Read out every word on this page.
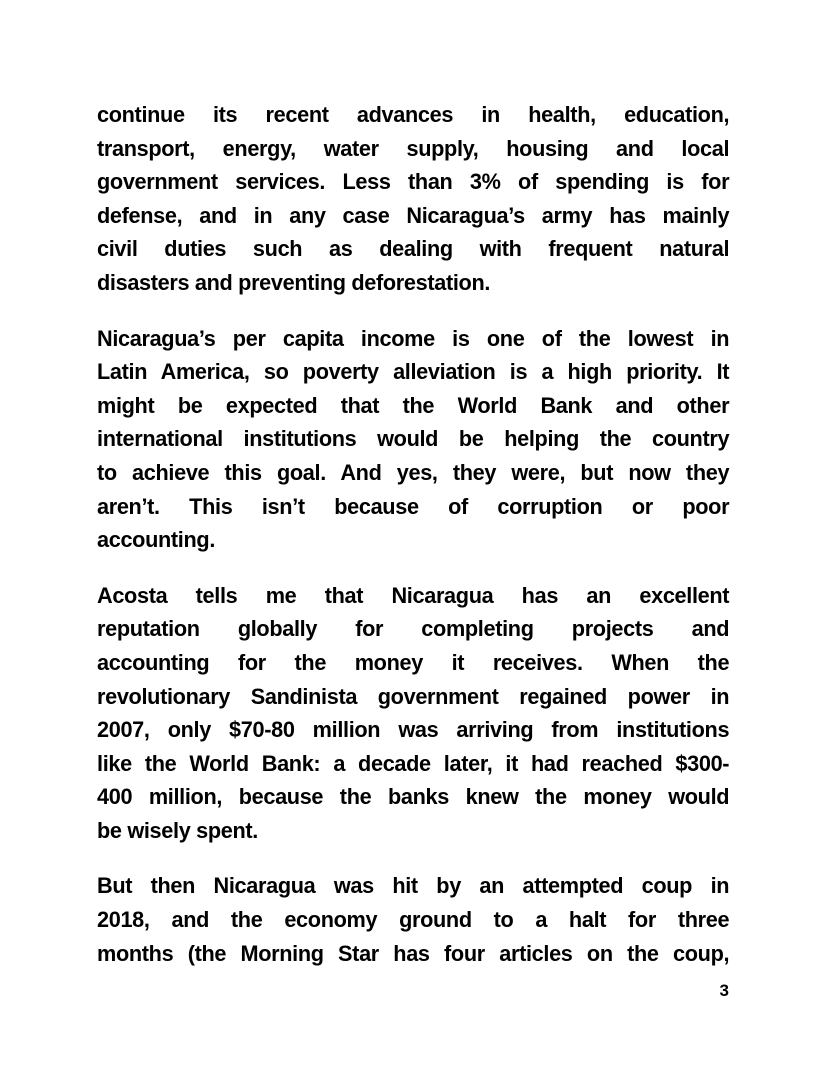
continue its recent advances in health, education,
transport, energy, water supply, housing and local
government services. Less than 3% of spending is for
defense, and in any case Nicaragua’s army has mainly
civil duties such as dealing with frequent natural
disasters and preventing deforestation.
Nicaragua’s per capita income is one of the lowest in
Latin America, so poverty alleviation is a high priority. It
might be expected that the World Bank and other
international institutions would be helping the country
to achieve this goal. And yes, they were, but now they
aren’t. This isn’t because of corruption or poor
accounting.
Acosta tells me that Nicaragua has an excellent
reputation globally for completing projects and
accounting for the money it receives. When the
revolutionary Sandinista government regained power in
2007, only $70-80 million was arriving from institutions
like the World Bank: a decade later, it had reached $300-
400 million, because the banks knew the money would
be wisely spent.
But then Nicaragua was hit by an attempted coup in
2018, and the economy ground to a halt for three
months (the Morning Star has four articles on the coup,
3
